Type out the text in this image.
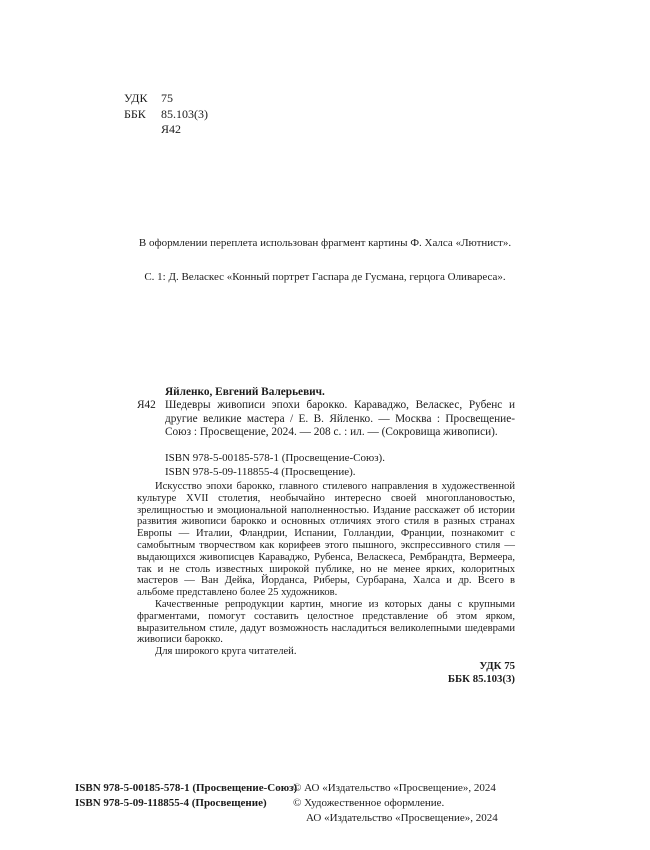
УДК 75
ББК 85.103(3)
Я42
В оформлении переплета использован фрагмент картины Ф. Халса «Лютнист».
С. 1: Д. Веласкес «Конный портрет Гаспара де Гусмана, герцога Оливареса».
Яйленко, Евгений Валерьевич.
Я42 Шедевры живописи эпохи барокко. Караваджо, Веласкес, Рубенс и другие великие мастера / Е. В. Яйленко. — Москва : Просвещение-Союз : Просвещение, 2024. — 208 с. : ил. — (Сокровища живописи).
ISBN 978-5-00185-578-1 (Просвещение-Союз).
ISBN 978-5-09-118855-4 (Просвещение).

Искусство эпохи барокко, главного стилевого направления в художественной культуре XVII столетия, необычайно интересно своей многоплановостью, зрелищностью и эмоциональной наполненностью. Издание расскажет об истории развития живописи барокко и основных отличиях этого стиля в разных странах Европы — Италии, Фландрии, Испании, Голландии, Франции, познакомит с самобытным творчеством как корифеев этого пышного, экспрессивного стиля — выдающихся живописцев Караваджо, Рубенса, Веласкеса, Рембрандта, Вермеера, так и не столь известных широкой публике, но не менее ярких, колоритных мастеров — Ван Дейка, Йорданса, Риберы, Сурбарана, Халса и др. Всего в альбоме представлено более 25 художников.

Качественные репродукции картин, многие из которых даны с крупными фрагментами, помогут составить целостное представление об этом ярком, выразительном стиле, дадут возможность насладиться великолепными шедеврами живописи барокко.

Для широкого круга читателей.

УДК 75
ББК 85.103(3)
ISBN 978-5-00185-578-1 (Просвещение-Союз)
ISBN 978-5-09-118855-4 (Просвещение)
© АО «Издательство «Просвещение», 2024
© Художественное оформление.
АО «Издательство «Просвещение», 2024
